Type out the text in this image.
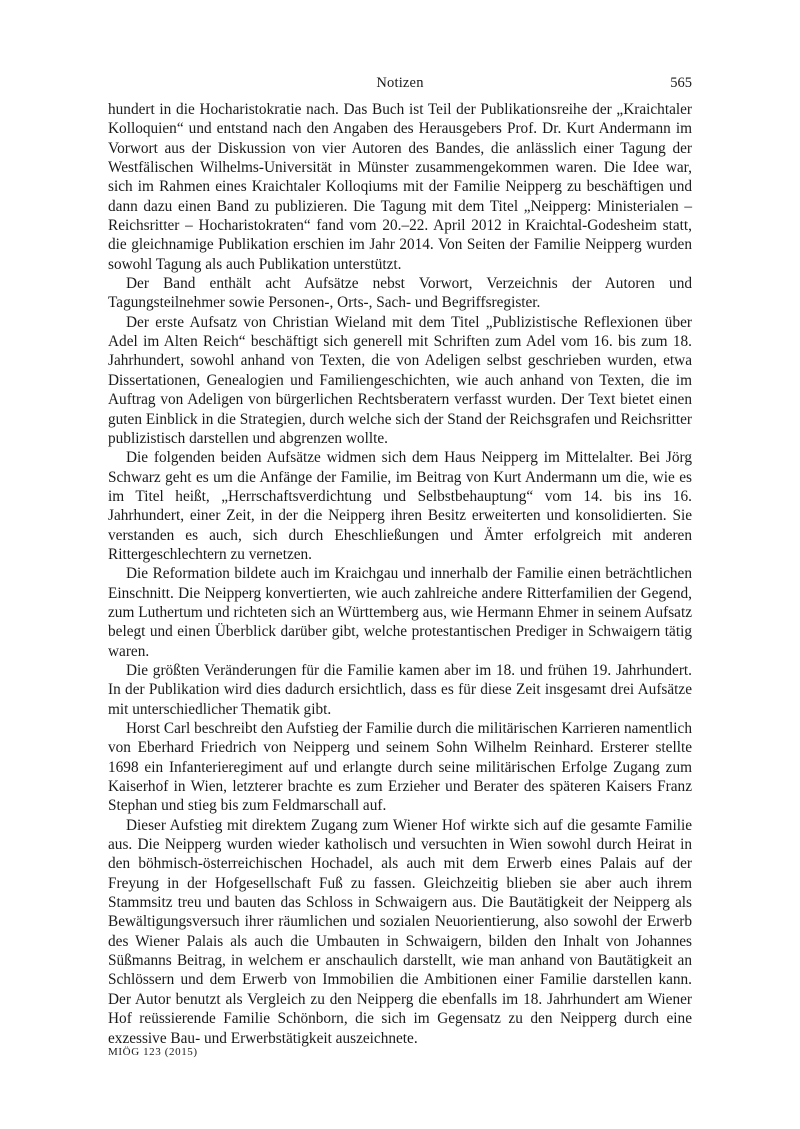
Notizen	565

hundert in die Hocharistokratie nach. Das Buch ist Teil der Publikationsreihe der „Kraichtaler Kolloquien“ und entstand nach den Angaben des Herausgebers Prof. Dr. Kurt Andermann im Vorwort aus der Diskussion von vier Autoren des Bandes, die anlässlich einer Tagung der Westfälischen Wilhelms-Universität in Münster zusammengekommen waren. Die Idee war, sich im Rahmen eines Kraichtaler Kolloqiums mit der Familie Neipperg zu beschäftigen und dann dazu einen Band zu publizieren. Die Tagung mit dem Titel „Neipperg: Ministerialen – Reichsritter – Hocharistokraten“ fand vom 20.–22. April 2012 in Kraichtal-Godesheim statt, die gleichnamige Publikation erschien im Jahr 2014. Von Seiten der Familie Neipperg wurden sowohl Tagung als auch Publikation unterstützt.

Der Band enthält acht Aufsätze nebst Vorwort, Verzeichnis der Autoren und Tagungsteilnehmer sowie Personen-, Orts-, Sach- und Begriffsregister.

Der erste Aufsatz von Christian Wieland mit dem Titel „Publizistische Reflexionen über Adel im Alten Reich“ beschäftigt sich generell mit Schriften zum Adel vom 16. bis zum 18. Jahrhundert, sowohl anhand von Texten, die von Adeligen selbst geschrieben wurden, etwa Dissertationen, Genealogien und Familiengeschichten, wie auch anhand von Texten, die im Auftrag von Adeligen von bürgerlichen Rechtsberatern verfasst wurden. Der Text bietet einen guten Einblick in die Strategien, durch welche sich der Stand der Reichsgrafen und Reichsritter publizistisch darstellen und abgrenzen wollte.

Die folgenden beiden Aufsätze widmen sich dem Haus Neipperg im Mittelalter. Bei Jörg Schwarz geht es um die Anfänge der Familie, im Beitrag von Kurt Andermann um die, wie es im Titel heißt, „Herrschaftsverdichtung und Selbstbehauptung“ vom 14. bis ins 16. Jahrhundert, einer Zeit, in der die Neipperg ihren Besitz erweiterten und konsolidierten. Sie verstanden es auch, sich durch Eheschließungen und Ämter erfolgreich mit anderen Rittergeschlechtern zu vernetzen.

Die Reformation bildete auch im Kraichgau und innerhalb der Familie einen beträchtlichen Einschnitt. Die Neipperg konvertierten, wie auch zahlreiche andere Ritterfamilien der Gegend, zum Luthertum und richteten sich an Württemberg aus, wie Hermann Ehmer in seinem Aufsatz belegt und einen Überblick darüber gibt, welche protestantischen Prediger in Schwaigern tätig waren.

Die größten Veränderungen für die Familie kamen aber im 18. und frühen 19. Jahrhundert. In der Publikation wird dies dadurch ersichtlich, dass es für diese Zeit insgesamt drei Aufsätze mit unterschiedlicher Thematik gibt.

Horst Carl beschreibt den Aufstieg der Familie durch die militärischen Karrieren namentlich von Eberhard Friedrich von Neipperg und seinem Sohn Wilhelm Reinhard. Ersterer stellte 1698 ein Infanterieregiment auf und erlangte durch seine militärischen Erfolge Zugang zum Kaiserhof in Wien, letzterer brachte es zum Erzieher und Berater des späteren Kaisers Franz Stephan und stieg bis zum Feldmarschall auf.

Dieser Aufstieg mit direktem Zugang zum Wiener Hof wirkte sich auf die gesamte Familie aus. Die Neipperg wurden wieder katholisch und versuchten in Wien sowohl durch Heirat in den böhmisch-österreichischen Hochadel, als auch mit dem Erwerb eines Palais auf der Freyung in der Hofgesellschaft Fuß zu fassen. Gleichzeitig blieben sie aber auch ihrem Stammsitz treu und bauten das Schloss in Schwaigern aus. Die Bautätigkeit der Neipperg als Bewältigungsversuch ihrer räumlichen und sozialen Neuorientierung, also sowohl der Erwerb des Wiener Palais als auch die Umbauten in Schwaigern, bilden den Inhalt von Johannes Süßmanns Beitrag, in welchem er anschaulich darstellt, wie man anhand von Bautätigkeit an Schlössern und dem Erwerb von Immobilien die Ambitionen einer Familie darstellen kann. Der Autor benutzt als Vergleich zu den Neipperg die ebenfalls im 18. Jahrhundert am Wiener Hof reüssierende Familie Schönborn, die sich im Gegensatz zu den Neipperg durch eine exzessive Bau- und Erwerbstätigkeit auszeichnete.

MIÖG 123 (2015)
